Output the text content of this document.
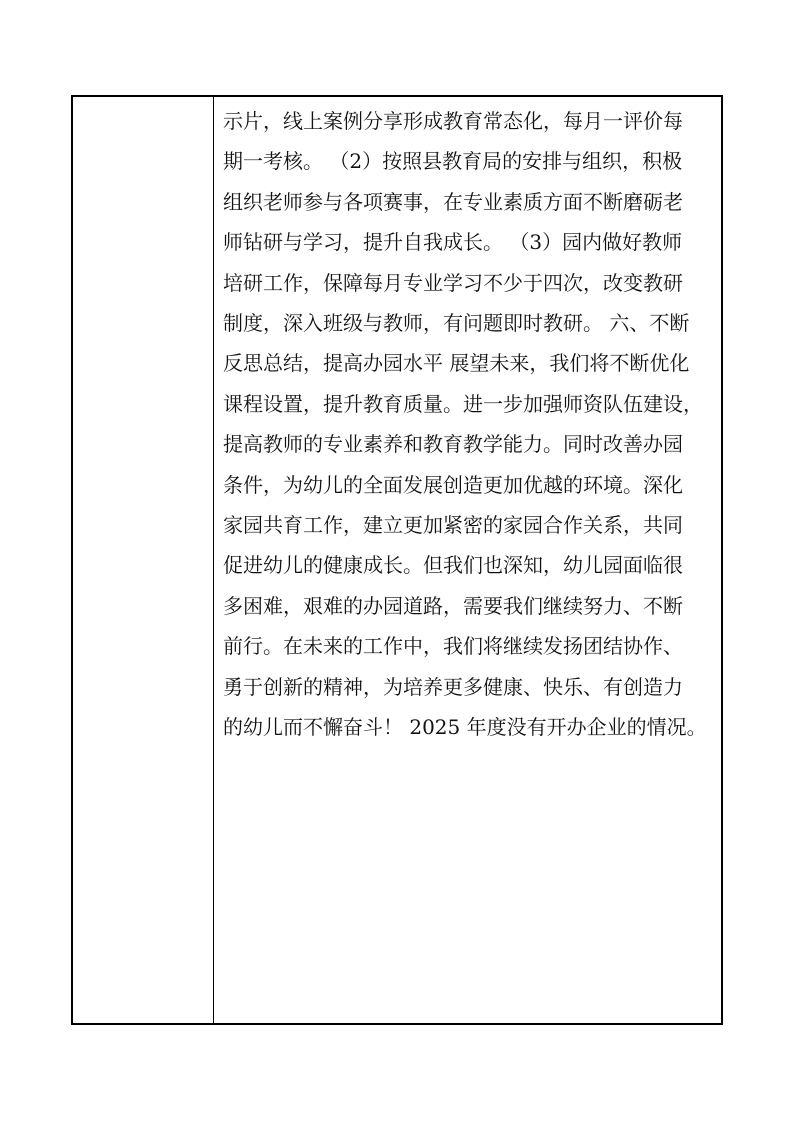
示片，线上案例分享形成教育常态化，每月一评价每
期一考核。 （2）按照县教育局的安排与组织，积极
组织老师参与各项赛事，在专业素质方面不断磨砺老
师钻研与学习，提升自我成长。 （3）园内做好教师
培研工作，保障每月专业学习不少于四次，改变教研
制度，深入班级与教师，有问题即时教研。 六、不断
反思总结，提高办园水平 展望未来，我们将不断优化
课程设置，提升教育质量。进一步加强师资队伍建设，
提高教师的专业素养和教育教学能力。同时改善办园
条件，为幼儿的全面发展创造更加优越的环境。深化
家园共育工作，建立更加紧密的家园合作关系，共同
促进幼儿的健康成长。但我们也深知，幼儿园面临很
多困难，艰难的办园道路，需要我们继续努力、不断
前行。在未来的工作中，我们将继续发扬团结协作、
勇于创新的精神，为培养更多健康、快乐、有创造力
的幼儿而不懈奋斗！ 2025 年度没有开办企业的情况。
